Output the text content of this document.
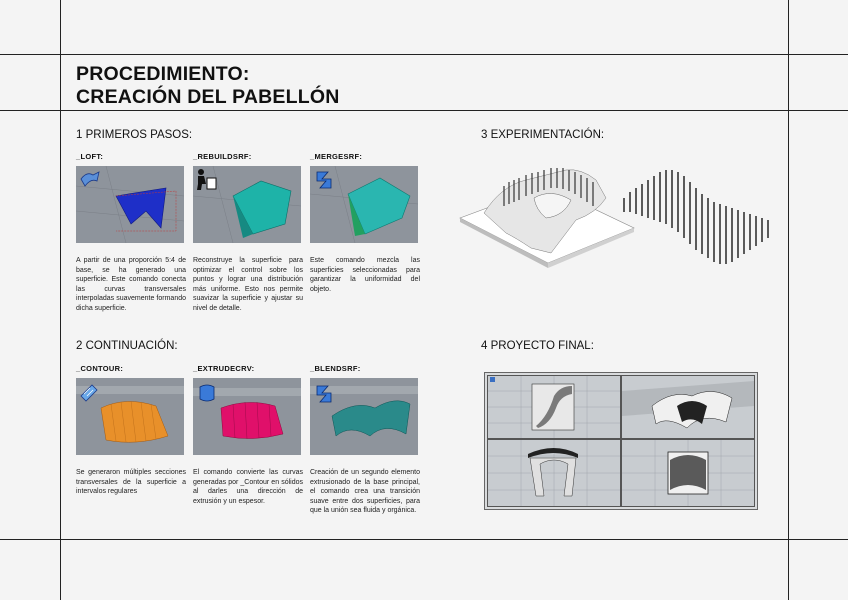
PROCEDIMIENTO:
CREACIÓN DEL PABELLÓN
1 PRIMEROS PASOS:
2 CONTINUACIÓN:
3 EXPERIMENTACIÓN:
4 PROYECTO FINAL:
_LOFT:	_REBUILDSRF:	_MERGESRF:
A partir de una proporción 5:4 de base, se ha generado una superficie. Este comando conecta las curvas transversales interpoladas suavemente formando dicha superficie.
Reconstruye la superficie para optimizar el control sobre los puntos y lograr una distribución más uniforme. Esto nos permite suavizar la superficie y ajustar su nivel de detalle.
Este comando mezcla las superficies seleccionadas para garantizar la uniformidad del objeto.
_CONTOUR:	_EXTRUDECRV:	_BLENDSRF:
Se generaron múltiples secciones transversales de la superficie a intervalos regulares
El comando convierte las curvas generadas por _Contour en sólidos al darles una dirección de extrusión y un espesor.
Creación de un segundo elemento extrusionado de la base principal, el comando crea una transición suave entre dos superficies, para que la unión sea fluida y orgánica.
